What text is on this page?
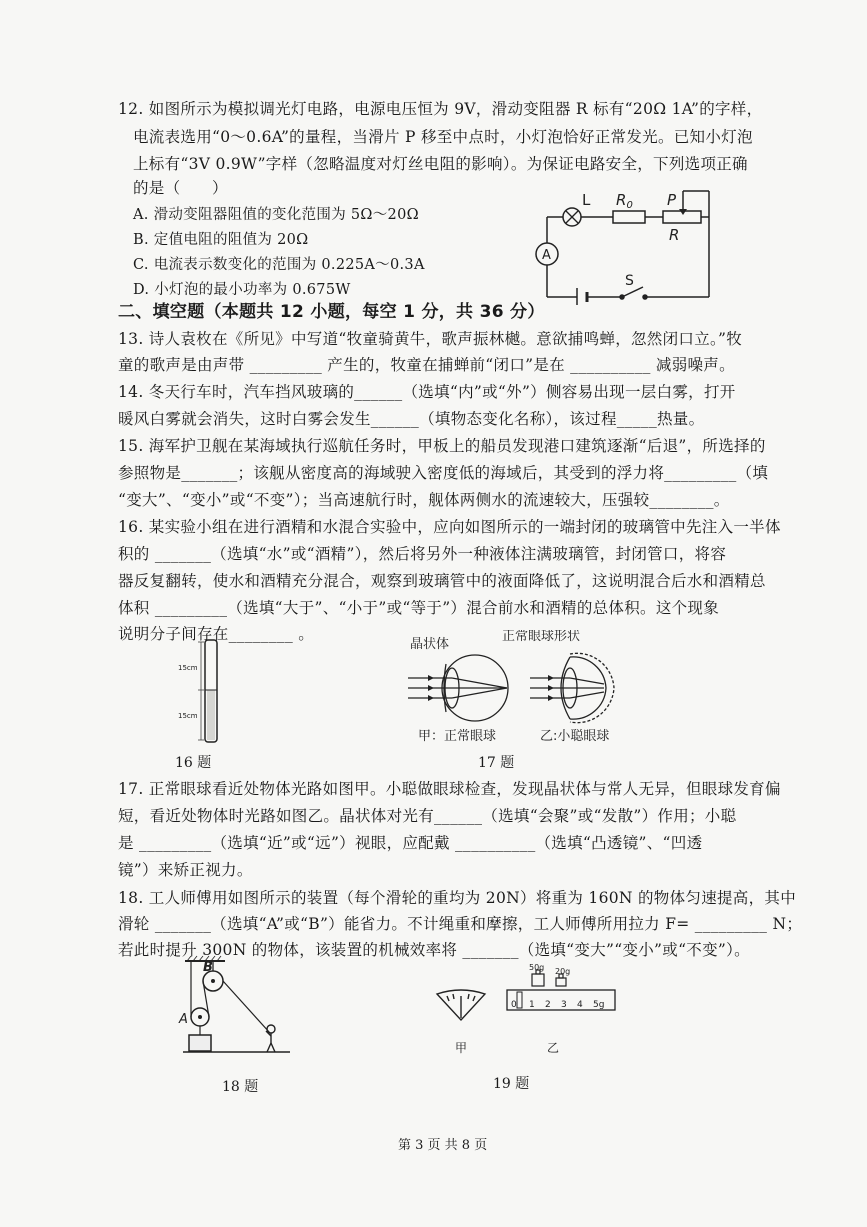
12. 如图所示为模拟调光灯电路，电源电压恒为 9V，滑动变阻器 R 标有“20Ω 1A”的字样，
电流表选用“0～0.6A”的量程，当滑片 P 移至中点时，小灯泡恰好正常发光。已知小灯泡
上标有“3V 0.9W”字样（忽略温度对灯丝电阻的影响）。为保证电路安全，下列选项正确
的是（　　）
A. 滑动变阻器阻值的变化范围为 5Ω～20Ω
B. 定值电阻的阻值为 20Ω
C. 电流表示数变化的范围为 0.225A～0.3A
D. 小灯泡的最小功率为 0.675W
L $R_0$ P
R
A
S
二、填空题（本题共 12 小题，每空 1 分，共 36 分）
13. 诗人袁枚在《所见》中写道“牧童骑黄牛，歌声振林樾。意欲捕鸣蝉，忽然闭口立。”牧
童的歌声是由声带 _________ 产生的，牧童在捕蝉前“闭口”是在 __________ 减弱噪声。
14. 冬天行车时，汽车挡风玻璃的______（选填“内”或“外”）侧容易出现一层白雾，打开
暖风白雾就会消失，这时白雾会发生______（填物态变化名称），该过程_____热量。
15. 海军护卫舰在某海域执行巡航任务时，甲板上的船员发现港口建筑逐渐“后退”，所选择的
参照物是_______；该舰从密度高的海域驶入密度低的海域后，其受到的浮力将_________（填
“变大”、“变小”或“不变”）；当高速航行时，舰体两侧水的流速较大，压强较________。
16. 某实验小组在进行酒精和水混合实验中，应向如图所示的一端封闭的玻璃管中先注入一半体
积的 _______（选填“水”或“酒精”），然后将另外一种液体注满玻璃管，封闭管口，将容
器反复翻转，使水和酒精充分混合，观察到玻璃管中的液面降低了，这说明混合后水和酒精总
体积 _________（选填“大于”、“小于”或“等于”）混合前水和酒精的总体积。这个现象
说明分子间存在________ 。
15cm
15cm
16 题
晶状体
正常眼球形状
甲：正常眼球	乙:小聪眼球
17 题
17. 正常眼球看近处物体光路如图甲。小聪做眼球检查，发现晶状体与常人无异，但眼球发育偏
短，看近处物体时光路如图乙。晶状体对光有______（选填“会聚”或“发散”）作用；小聪
是 _________（选填“近”或“远”）视眼，应配戴 __________（选填“凸透镜”、“凹透
镜”）来矫正视力。
18. 工人师傅用如图所示的装置（每个滑轮的重均为 20N）将重为 160N 的物体匀速提高，其中
滑轮 _______（选填“A”或“B”）能省力。不计绳重和摩擦，工人师傅所用拉力 F= _________ N；
若此时提升 300N 的物体，该装置的机械效率将 _______（选填“变大”“变小”或“不变”）。
B
A
18 题
50g 20g
0 1 2 3 4 5g
甲	乙
19 题
第 3 页 共 8 页
